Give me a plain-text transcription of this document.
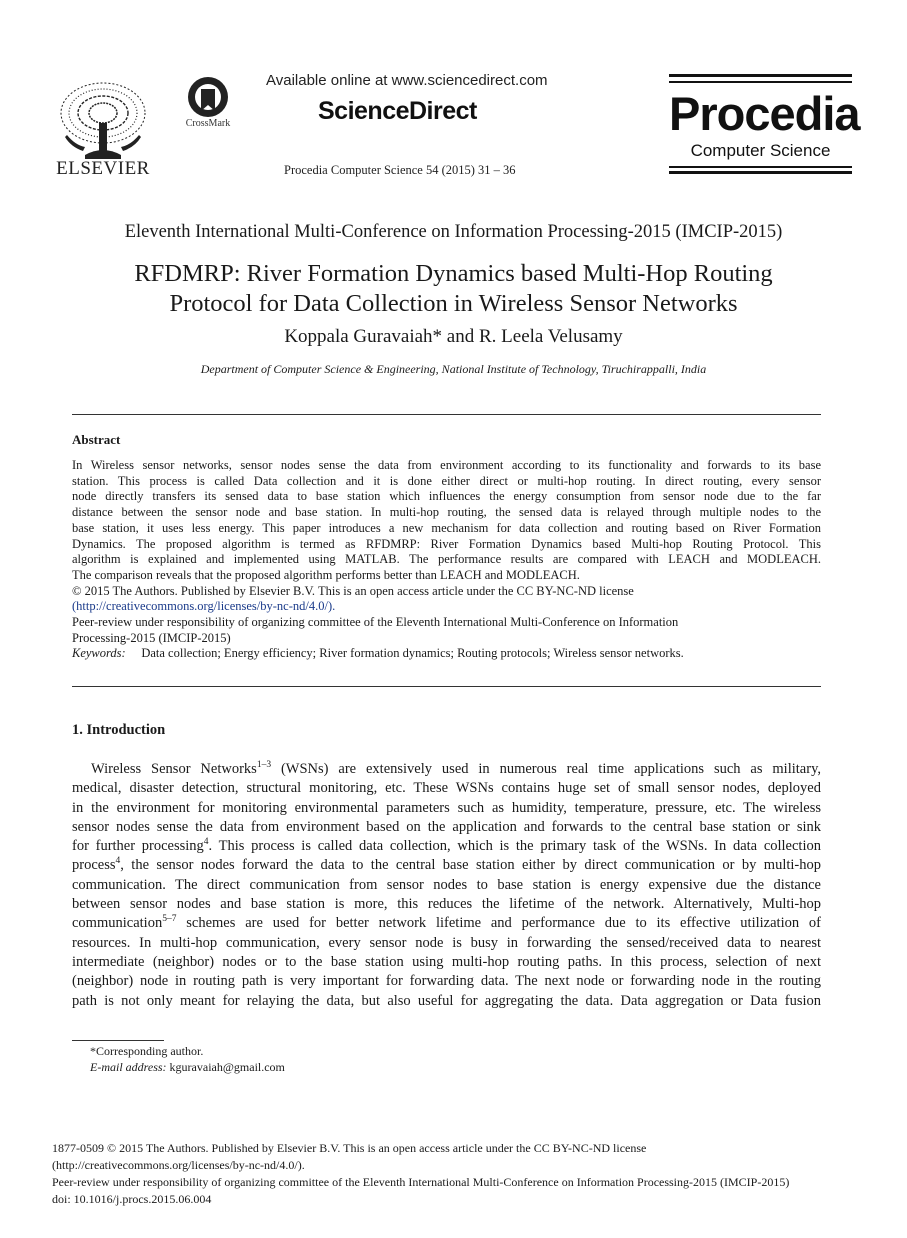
ELSEVIER
CrossMark
Available online at www.sciencedirect.com
ScienceDirect
Procedia Computer Science 54 (2015) 31 – 36
Procedia
Computer Science
Eleventh International Multi-Conference on Information Processing-2015 (IMCIP-2015)
RFDMRP: River Formation Dynamics based Multi-Hop Routing
Protocol for Data Collection in Wireless Sensor Networks
Koppala Guravaiah* and R. Leela Velusamy
Department of Computer Science & Engineering, National Institute of Technology, Tiruchirappalli, India
Abstract
In Wireless sensor networks, sensor nodes sense the data from environment according to its functionality and forwards to its base
station. This process is called Data collection and it is done either direct or multi-hop routing. In direct routing, every sensor
node directly transfers its sensed data to base station which influences the energy consumption from sensor node due to the far
distance between the sensor node and base station. In multi-hop routing, the sensed data is relayed through multiple nodes to the
base station, it uses less energy. This paper introduces a new mechanism for data collection and routing based on River Formation
Dynamics. The proposed algorithm is termed as RFDMRP: River Formation Dynamics based Multi-hop Routing Protocol. This
algorithm is explained and implemented using MATLAB. The performance results are compared with LEACH and MODLEACH.
The comparison reveals that the proposed algorithm performs better than LEACH and MODLEACH.
© 2015 The Authors. Published by Elsevier B.V. This is an open access article under the CC BY-NC-ND license
(http://creativecommons.org/licenses/by-nc-nd/4.0/).
Peer-review under responsibility of organizing committee of the Eleventh International Multi-Conference on Information
Processing-2015 (IMCIP-2015)
Keywords: Data collection; Energy efficiency; River formation dynamics; Routing protocols; Wireless sensor networks.
1. Introduction
Wireless Sensor Networks$^{1-3}$ (WSNs) are extensively used in numerous real time applications such as military,
medical, disaster detection, structural monitoring, etc. These WSNs contains huge set of small sensor nodes, deployed
in the environment for monitoring environmental parameters such as humidity, temperature, pressure, etc. The wireless
sensor nodes sense the data from environment based on the application and forwards to the central base station or sink
for further processing$^4$. This process is called data collection, which is the primary task of the WSNs. In data collection
process$^4$, the sensor nodes forward the data to the central base station either by direct communication or by multi-hop
communication. The direct communication from sensor nodes to base station is energy expensive due the distance
between sensor nodes and base station is more, this reduces the lifetime of the network. Alternatively, Multi-hop
communication$^{5-7}$ schemes are used for better network lifetime and performance due to its effective utilization of
resources. In multi-hop communication, every sensor node is busy in forwarding the sensed/received data to nearest
intermediate (neighbor) nodes or to the base station using multi-hop routing paths. In this process, selection of next
(neighbor) node in routing path is very important for forwarding data. The next node or forwarding node in the routing
path is not only meant for relaying the data, but also useful for aggregating the data. Data aggregation or Data fusion
*Corresponding author.
E-mail address: kguravaiah@gmail.com
1877-0509 © 2015 The Authors. Published by Elsevier B.V. This is an open access article under the CC BY-NC-ND license
(http://creativecommons.org/licenses/by-nc-nd/4.0/).
Peer-review under responsibility of organizing committee of the Eleventh International Multi-Conference on Information Processing-2015 (IMCIP-2015)
doi: 10.1016/j.procs.2015.06.004
